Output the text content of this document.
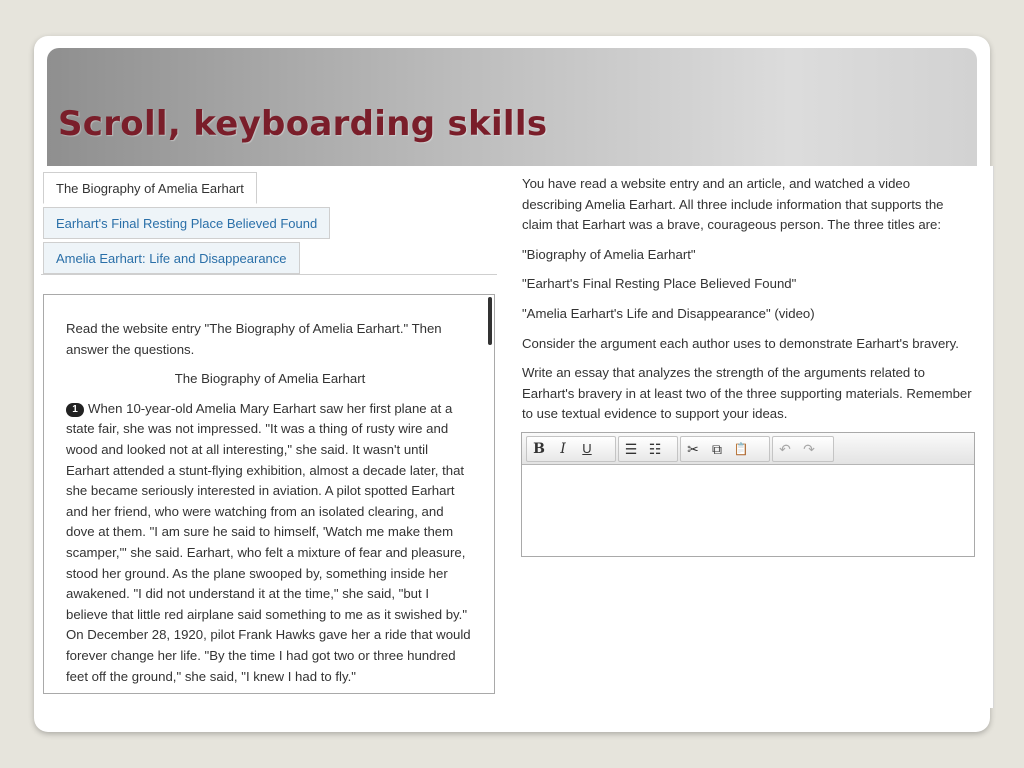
Scroll, keyboarding skills
The Biography of Amelia Earhart
Earhart's Final Resting Place Believed Found
Amelia Earhart: Life and Disappearance

Read the website entry "The Biography of Amelia Earhart." Then answer the questions.

The Biography of Amelia Earhart

1 When 10-year-old Amelia Mary Earhart saw her first plane at a state fair, she was not impressed. "It was a thing of rusty wire and wood and looked not at all interesting," she said. It wasn't until Earhart attended a stunt-flying exhibition, almost a decade later, that she became seriously interested in aviation. A pilot spotted Earhart and her friend, who were watching from an isolated clearing, and dove at them. "I am sure he said to himself, 'Watch me make them scamper,'" she said. Earhart, who felt a mixture of fear and pleasure, stood her ground. As the plane swooped by, something inside her awakened. "I did not understand it at the time," she said, "but I believe that little red airplane said something to me as it swished by." On December 28, 1920, pilot Frank Hawks gave her a ride that would forever change her life. "By the time I had got two or three hundred feet off the ground," she said, "I knew I had to fly."

You have read a website entry and an article, and watched a video describing Amelia Earhart. All three include information that supports the claim that Earhart was a brave, courageous person. The three titles are:

"Biography of Amelia Earhart"

"Earhart's Final Resting Place Believed Found"

"Amelia Earhart's Life and Disappearance" (video)

Consider the argument each author uses to demonstrate Earhart's bravery.

Write an essay that analyzes the strength of the arguments related to Earhart's bravery in at least two of the three supporting materials. Remember to use textual evidence to support your ideas.

B	I	U	☰ ☷	✂ ⧉ 📋	↶ ↷
